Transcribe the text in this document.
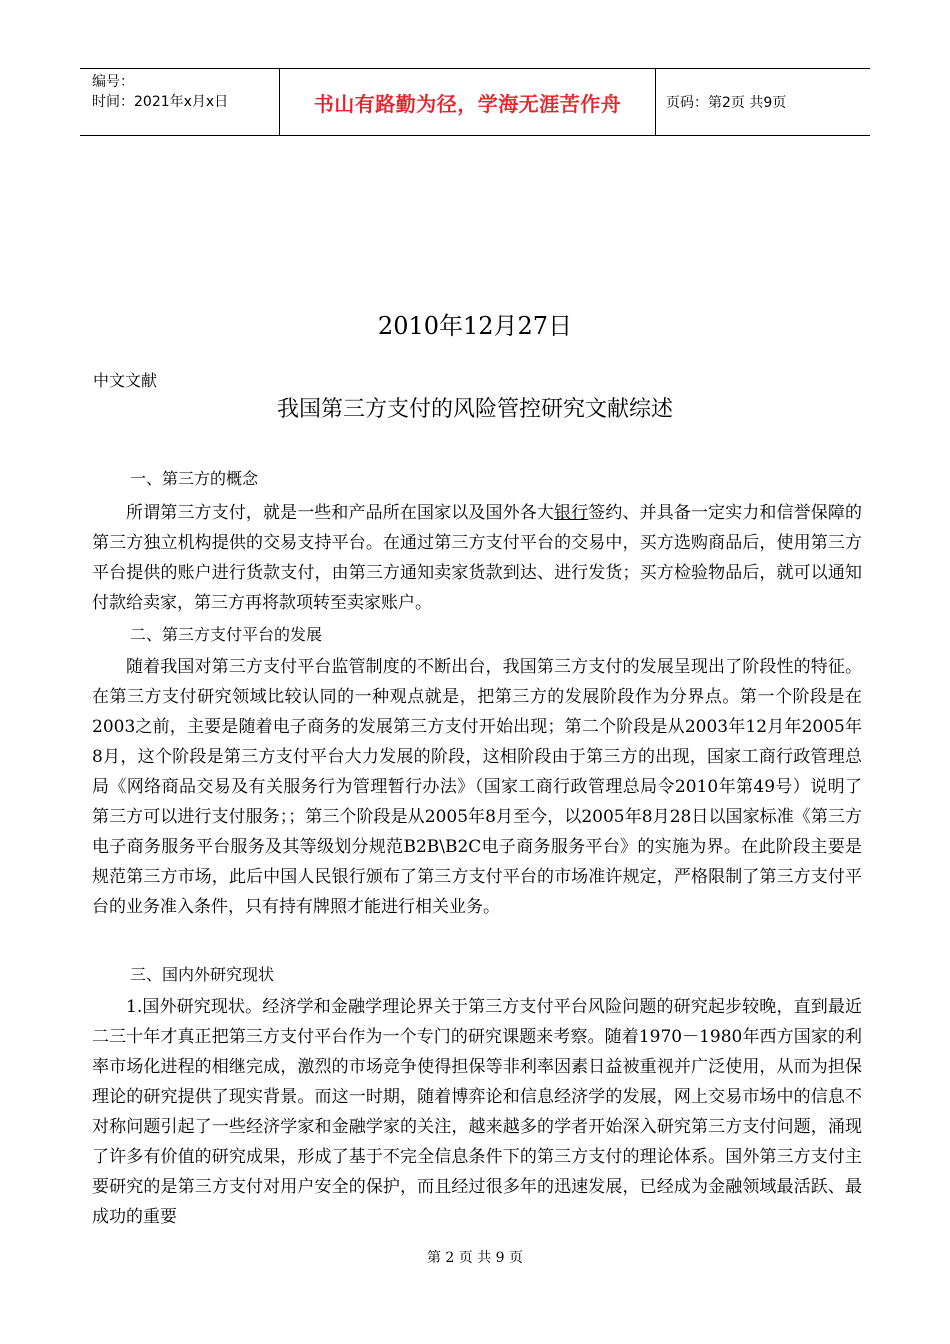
编号：
时间：2021年x月x日	书山有路勤为径，学海无涯苦作舟	页码：第2页 共9页
2010年12月27日
中文文献
我国第三方支付的风险管控研究文献综述
一、第三方的概念

所谓第三方支付，就是一些和产品所在国家以及国外各大银行签约、并具备一定实力和信誉保障的第三方独立机构提供的交易支持平台。在通过第三方支付平台的交易中，买方选购商品后，使用第三方平台提供的账户进行货款支付，由第三方通知卖家货款到达、进行发货；买方检验物品后，就可以通知付款给卖家，第三方再将款项转至卖家账户。

二、第三方支付平台的发展

随着我国对第三方支付平台监管制度的不断出台，我国第三方支付的发展呈现出了阶段性的特征。在第三方支付研究领域比较认同的一种观点就是，把第三方的发展阶段作为分界点。第一个阶段是在2003之前，主要是随着电子商务的发展第三方支付开始出现；第二个阶段是从2003年12月年2005年8月，这个阶段是第三方支付平台大力发展的阶段，这相阶段由于第三方的出现，国家工商行政管理总局《网络商品交易及有关服务行为管理暂行办法》（国家工商行政管理总局令2010年第49号）说明了第三方可以进行支付服务；；第三个阶段是从2005年8月至今，以2005年8月28日以国家标准《第三方电子商务服务平台服务及其等级划分规范B2B\B2C电子商务服务平台》的实施为界。在此阶段主要是规范第三方市场，此后中国人民银行颁布了第三方支付平台的市场准许规定，严格限制了第三方支付平台的业务准入条件，只有持有牌照才能进行相关业务。

三、国内外研究现状

1.国外研究现状。经济学和金融学理论界关于第三方支付平台风险问题的研究起步较晚，直到最近二三十年才真正把第三方支付平台作为一个专门的研究课题来考察。随着1970－1980年西方国家的利率市场化进程的相继完成，激烈的市场竞争使得担保等非利率因素日益被重视并广泛使用，从而为担保理论的研究提供了现实背景。而这一时期，随着博弈论和信息经济学的发展，网上交易市场中的信息不对称问题引起了一些经济学家和金融学家的关注，越来越多的学者开始深入研究第三方支付问题，涌现了许多有价值的研究成果，形成了基于不完全信息条件下的第三方支付的理论体系。国外第三方支付主要研究的是第三方支付对用户安全的保护，而且经过很多年的迅速发展，已经成为金融领域最活跃、最成功的重要

第 2 页 共 9 页
